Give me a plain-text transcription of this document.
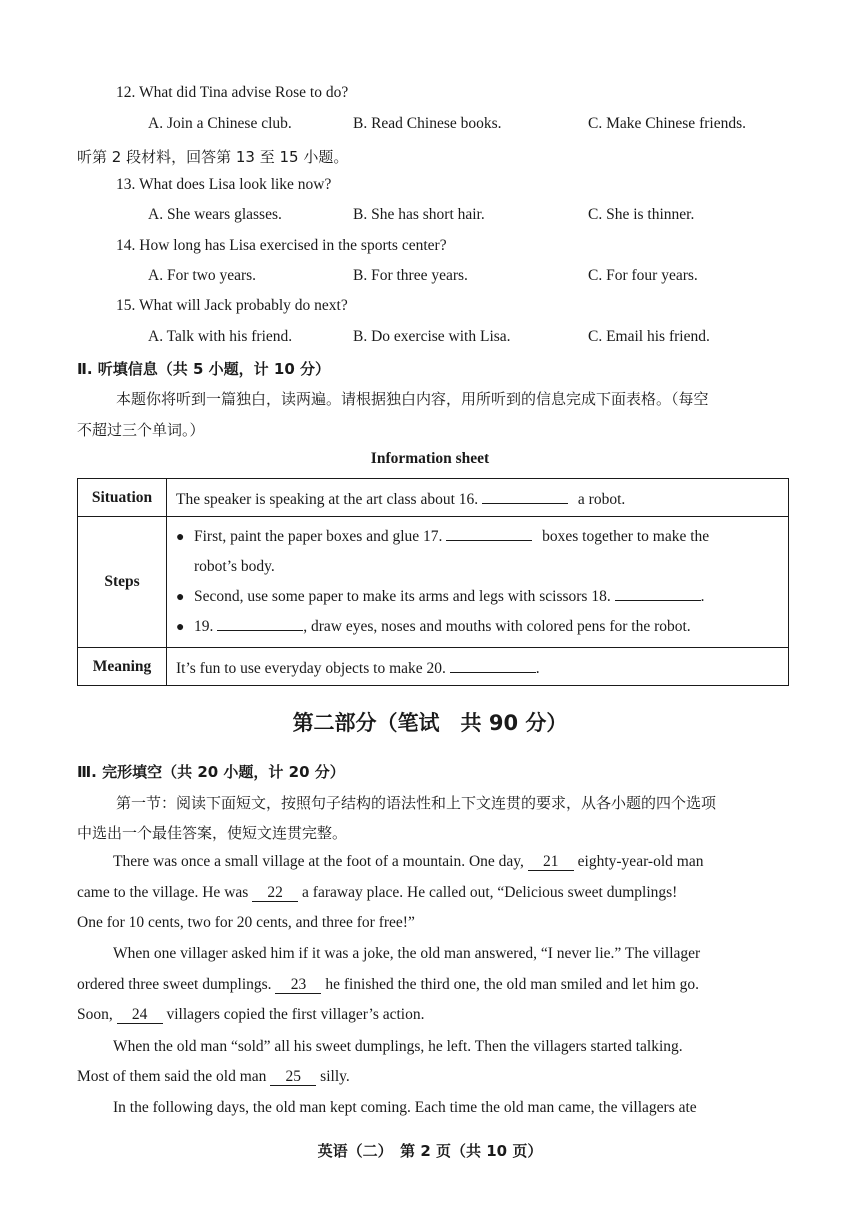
12. What did Tina advise Rose to do?
A. Join a Chinese club.	B. Read Chinese books.	C. Make Chinese friends.
听第 2 段材料，回答第 13 至 15 小题。
13. What does Lisa look like now?
A. She wears glasses.	B. She has short hair.	C. She is thinner.
14. How long has Lisa exercised in the sports center?
A. For two years.	B. For three years.	C. For four years.
15. What will Jack probably do next?
A. Talk with his friend.	B. Do exercise with Lisa.	C. Email his friend.
Ⅱ. 听填信息（共 5 小题，计 10 分）
本题你将听到一篇独白，读两遍。请根据独白内容，用所听到的信息完成下面表格。（每空
不超过三个单词。）
Information sheet
Situation	The speaker is speaking at the art class about 16. a robot.
Steps	● First, paint the paper boxes and glue 17. boxes together to make the
robot’s body.
● Second, use some paper to make its arms and legs with scissors 18. .
● 19. , draw eyes, noses and mouths with colored pens for the robot.

Meaning	It’s fun to use everyday objects to make 20. .
第二部分（笔试　共 90 分）
Ⅲ. 完形填空（共 20 小题，计 20 分）
第一节：阅读下面短文，按照句子结构的语法性和上下文连贯的要求，从各小题的四个选项
中选出一个最佳答案，使短文连贯完整。
There was once a small village at the foot of a mountain. One day, 21 eighty-year-old man
came to the village. He was 22 a faraway place. He called out, “Delicious sweet dumplings!
One for 10 cents, two for 20 cents, and three for free!”
When one villager asked him if it was a joke, the old man answered, “I never lie.” The villager
ordered three sweet dumplings. 23 he finished the third one, the old man smiled and let him go.
Soon, 24 villagers copied the first villager’s action.
When the old man “sold” all his sweet dumplings, he left. Then the villagers started talking.
Most of them said the old man 25 silly.
In the following days, the old man kept coming. Each time the old man came, the villagers ate
英语（二）　第 2 页（共 10 页）
